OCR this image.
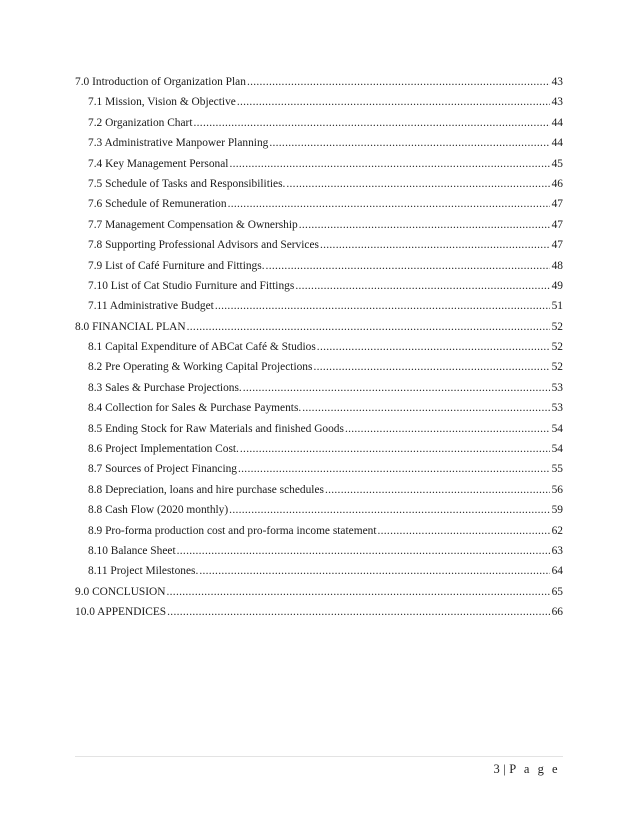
7.0 Introduction of Organization Plan .....	43
7.1 Mission, Vision & Objective .....	43
7.2 Organization Chart .....	44
7.3 Administrative Manpower Planning .....	44
7.4 Key Management Personal .....	45
7.5 Schedule of Tasks and Responsibilities. .....	46
7.6 Schedule of Remuneration .....	47
7.7 Management Compensation & Ownership .....	47
7.8 Supporting Professional Advisors and Services .....	47
7.9 List of Café Furniture and Fittings. .....	48
7.10 List of Cat Studio Furniture and Fittings .....	49
7.11 Administrative Budget .....	51
8.0 FINANCIAL PLAN .....	52
8.1 Capital Expenditure of ABCat Café & Studios .....	52
8.2 Pre Operating & Working Capital Projections .....	52
8.3 Sales & Purchase Projections. .....	53
8.4 Collection for Sales & Purchase Payments. .....	53
8.5 Ending Stock for Raw Materials and finished Goods .....	54
8.6 Project Implementation Cost. .....	54
8.7 Sources of Project Financing .....	55
8.8 Depreciation, loans and hire purchase schedules .....	56
8.8 Cash Flow (2020 monthly) .....	59
8.9 Pro-forma production cost and pro-forma income statement .....	62
8.10 Balance Sheet .....	63
8.11 Project Milestones. .....	64
9.0 CONCLUSION .....	65
10.0 APPENDICES .....	66
3 | P a g e
